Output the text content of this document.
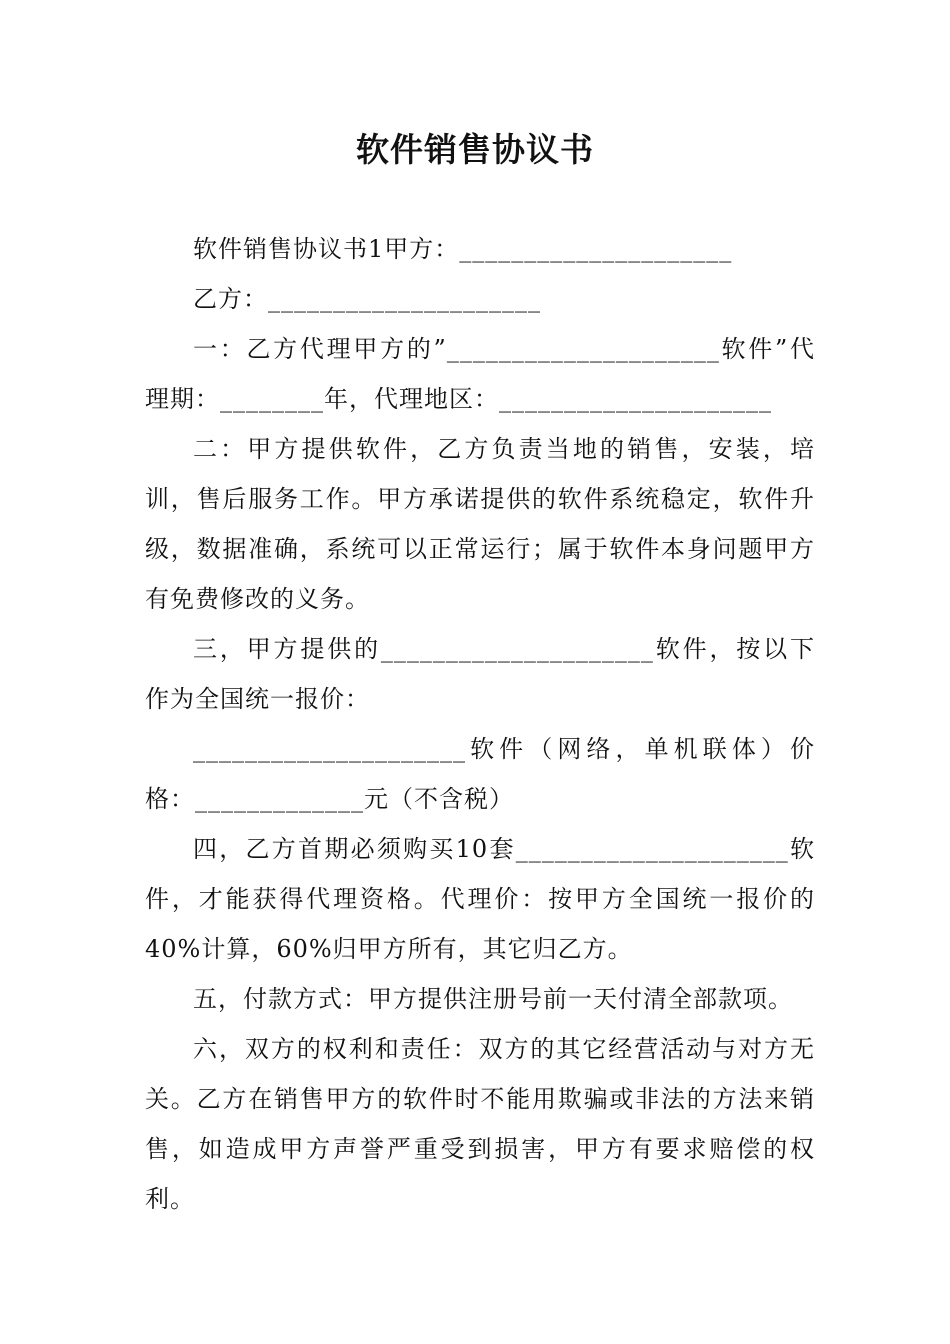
软件销售协议书

软件销售协议书1甲方：_____________________

乙方：_____________________

一：乙方代理甲方的”_____________________软件”代理期：________年，代理地区：_____________________

二：甲方提供软件，乙方负责当地的销售，安装，培训，售后服务工作。甲方承诺提供的软件系统稳定，软件升级，数据准确，系统可以正常运行；属于软件本身问题甲方有免费修改的义务。

三，甲方提供的_____________________软件，按以下作为全国统一报价：

_____________________软件（网络，单机联体）价格：_____________元（不含税）

四，乙方首期必须购买10套_____________________软件，才能获得代理资格。代理价：按甲方全国统一报价的40%计算，60%归甲方所有，其它归乙方。

五，付款方式：甲方提供注册号前一天付清全部款项。

六，双方的权利和责任：双方的其它经营活动与对方无关。乙方在销售甲方的软件时不能用欺骗或非法的方法来销售，如造成甲方声誉严重受到损害，甲方有要求赔偿的权利。
